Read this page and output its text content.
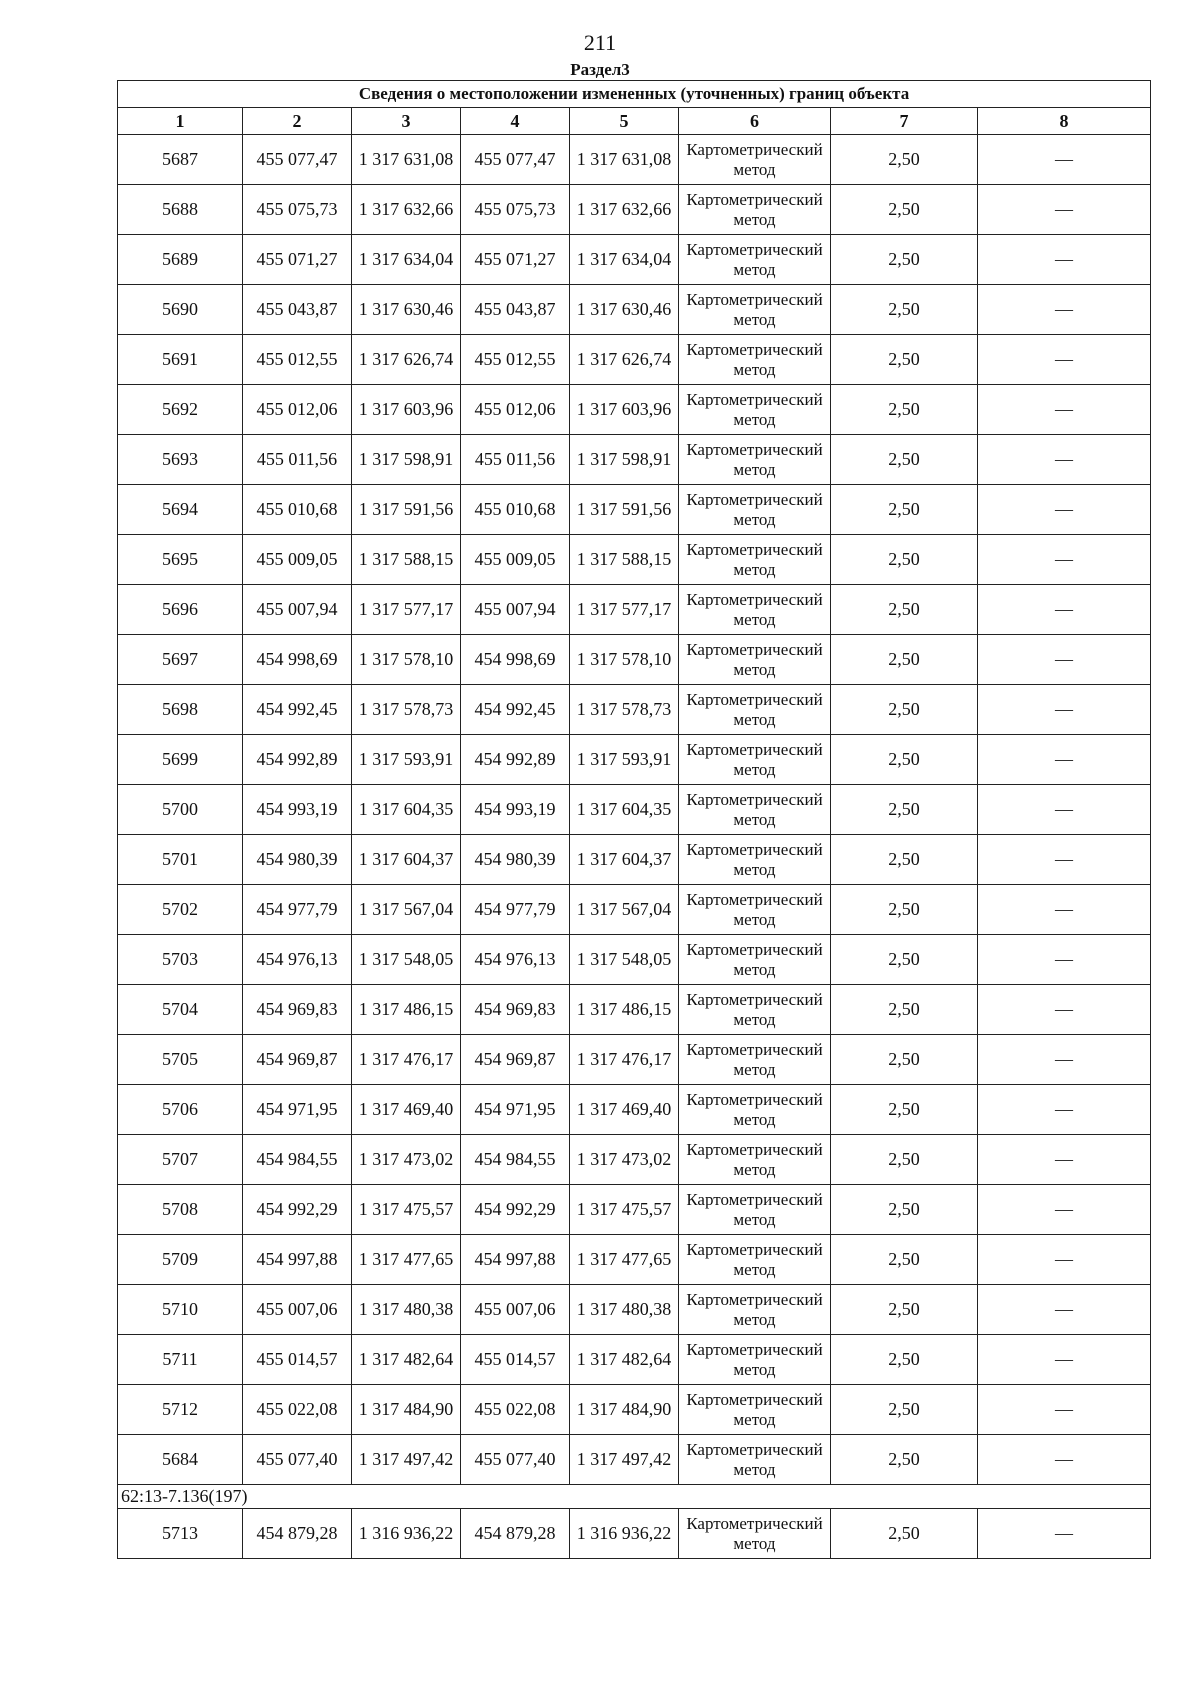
211
Раздел3
Сведения о местоположении измененных (уточненных) границ объекта							
1	2	3	4	5	6	7	8
5687	455 077,47	1 317 631,08	455 077,47	1 317 631,08	Картометрический метод	2,50	—
5688	455 075,73	1 317 632,66	455 075,73	1 317 632,66	Картометрический метод	2,50	—
5689	455 071,27	1 317 634,04	455 071,27	1 317 634,04	Картометрический метод	2,50	—
5690	455 043,87	1 317 630,46	455 043,87	1 317 630,46	Картометрический метод	2,50	—
5691	455 012,55	1 317 626,74	455 012,55	1 317 626,74	Картометрический метод	2,50	—
5692	455 012,06	1 317 603,96	455 012,06	1 317 603,96	Картометрический метод	2,50	—
5693	455 011,56	1 317 598,91	455 011,56	1 317 598,91	Картометрический метод	2,50	—
5694	455 010,68	1 317 591,56	455 010,68	1 317 591,56	Картометрический метод	2,50	—
5695	455 009,05	1 317 588,15	455 009,05	1 317 588,15	Картометрический метод	2,50	—
5696	455 007,94	1 317 577,17	455 007,94	1 317 577,17	Картометрический метод	2,50	—
5697	454 998,69	1 317 578,10	454 998,69	1 317 578,10	Картометрический метод	2,50	—
5698	454 992,45	1 317 578,73	454 992,45	1 317 578,73	Картометрический метод	2,50	—
5699	454 992,89	1 317 593,91	454 992,89	1 317 593,91	Картометрический метод	2,50	—
5700	454 993,19	1 317 604,35	454 993,19	1 317 604,35	Картометрический метод	2,50	—
5701	454 980,39	1 317 604,37	454 980,39	1 317 604,37	Картометрический метод	2,50	—
5702	454 977,79	1 317 567,04	454 977,79	1 317 567,04	Картометрический метод	2,50	—
5703	454 976,13	1 317 548,05	454 976,13	1 317 548,05	Картометрический метод	2,50	—
5704	454 969,83	1 317 486,15	454 969,83	1 317 486,15	Картометрический метод	2,50	—
5705	454 969,87	1 317 476,17	454 969,87	1 317 476,17	Картометрический метод	2,50	—
5706	454 971,95	1 317 469,40	454 971,95	1 317 469,40	Картометрический метод	2,50	—
5707	454 984,55	1 317 473,02	454 984,55	1 317 473,02	Картометрический метод	2,50	—
5708	454 992,29	1 317 475,57	454 992,29	1 317 475,57	Картометрический метод	2,50	—
5709	454 997,88	1 317 477,65	454 997,88	1 317 477,65	Картометрический метод	2,50	—
5710	455 007,06	1 317 480,38	455 007,06	1 317 480,38	Картометрический метод	2,50	—
5711	455 014,57	1 317 482,64	455 014,57	1 317 482,64	Картометрический метод	2,50	—
5712	455 022,08	1 317 484,90	455 022,08	1 317 484,90	Картометрический метод	2,50	—
5684	455 077,40	1 317 497,42	455 077,40	1 317 497,42	Картометрический метод	2,50	—
62:13-7.136(197)							
5713	454 879,28	1 316 936,22	454 879,28	1 316 936,22	Картометрический метод	2,50	—
